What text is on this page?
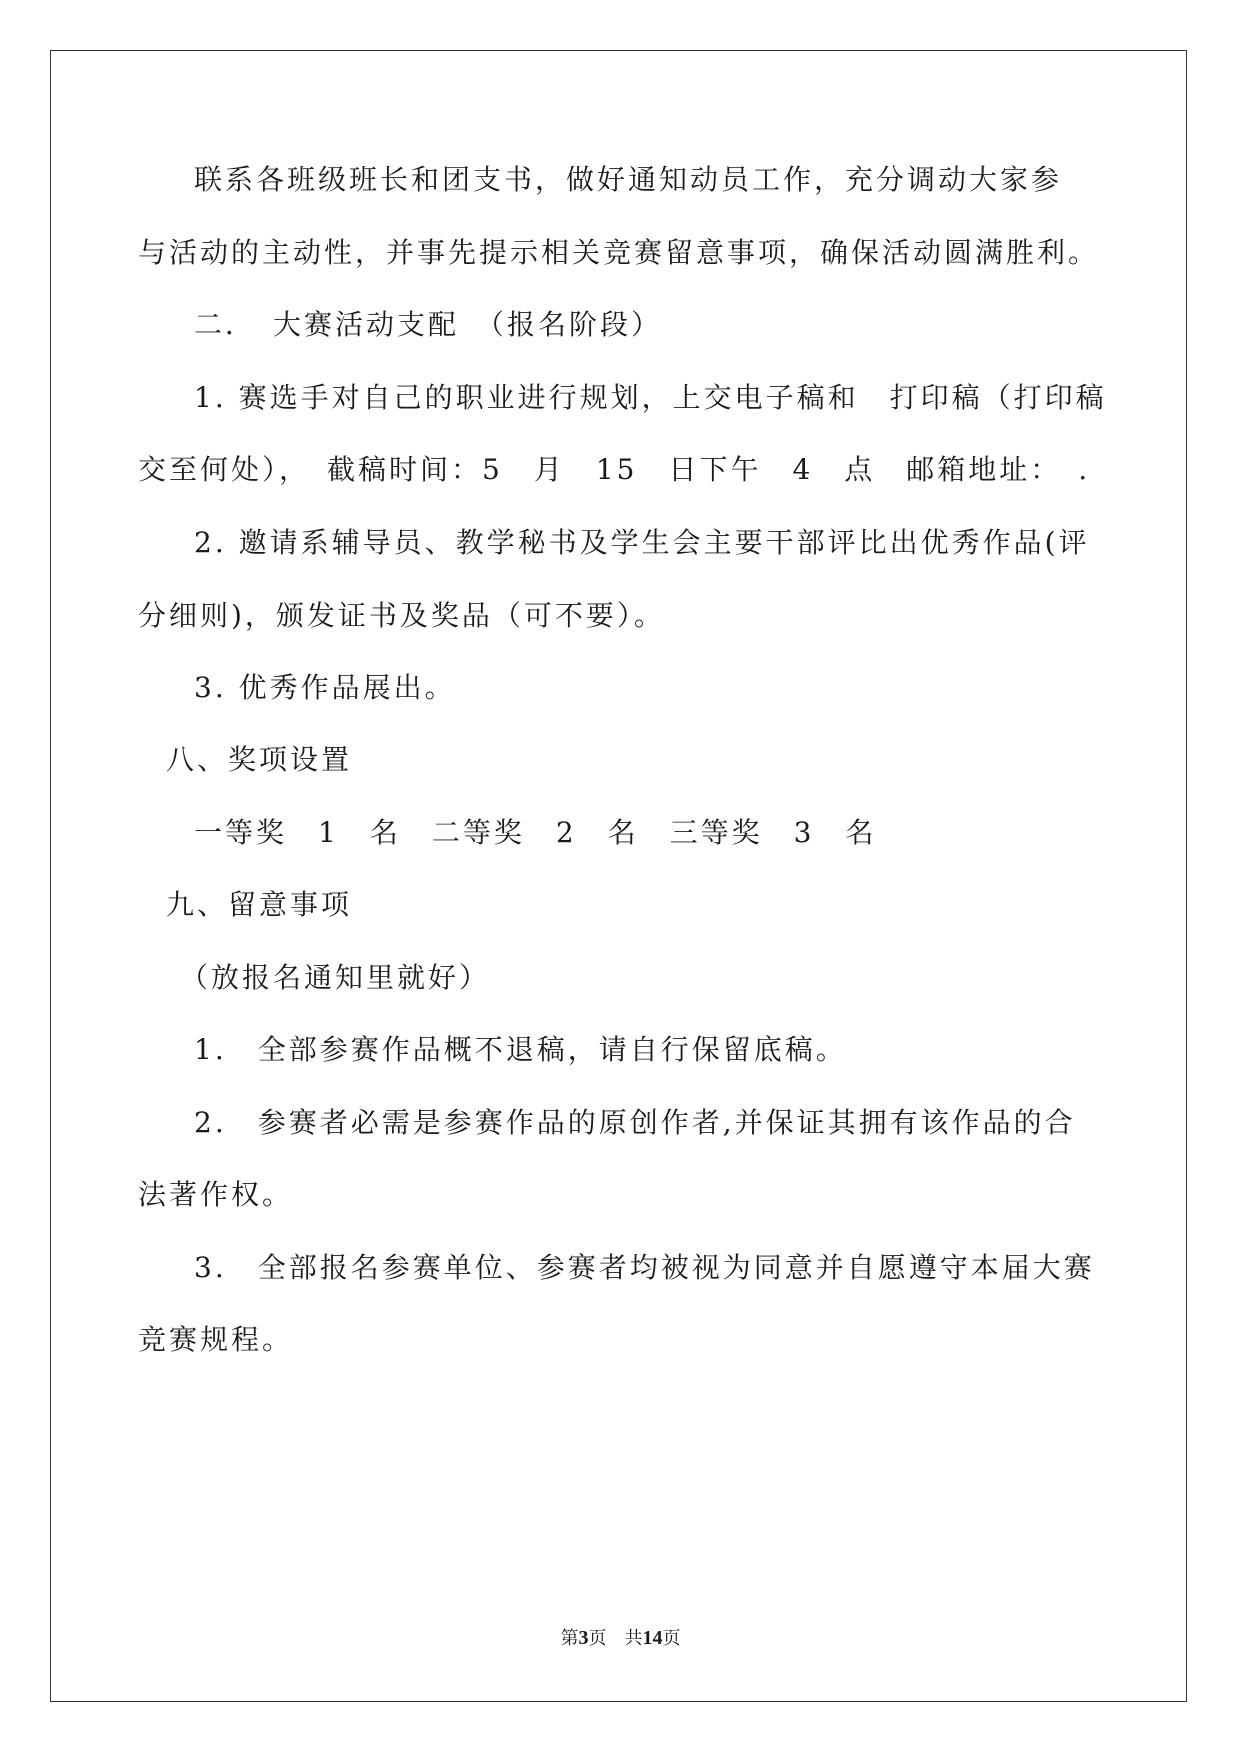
联系各班级班长和团支书，做好通知动员工作，充分调动大家参
与活动的主动性，并事先提示相关竞赛留意事项，确保活动圆满胜利。
二．　大赛活动支配　（报名阶段）
1. 赛选手对自己的职业进行规划，上交电子稿和　打印稿（打印稿
交至何处），　截稿时间：5　月　15　日下午　4　点　邮箱地址：　.
2. 邀请系辅导员、教学秘书及学生会主要干部评比出优秀作品(评
分细则)，颁发证书及奖品（可不要）。
3. 优秀作品展出。
八、奖项设置
一等奖　1　名　二等奖　2　名　三等奖　3　名
九、留意事项
（放报名通知里就好）
1.　全部参赛作品概不退稿，请自行保留底稿。
2.　参赛者必需是参赛作品的原创作者,并保证其拥有该作品的合
法著作权。
3.　全部报名参赛单位、参赛者均被视为同意并自愿遵守本届大赛
竞赛规程。
第3页　共14页
